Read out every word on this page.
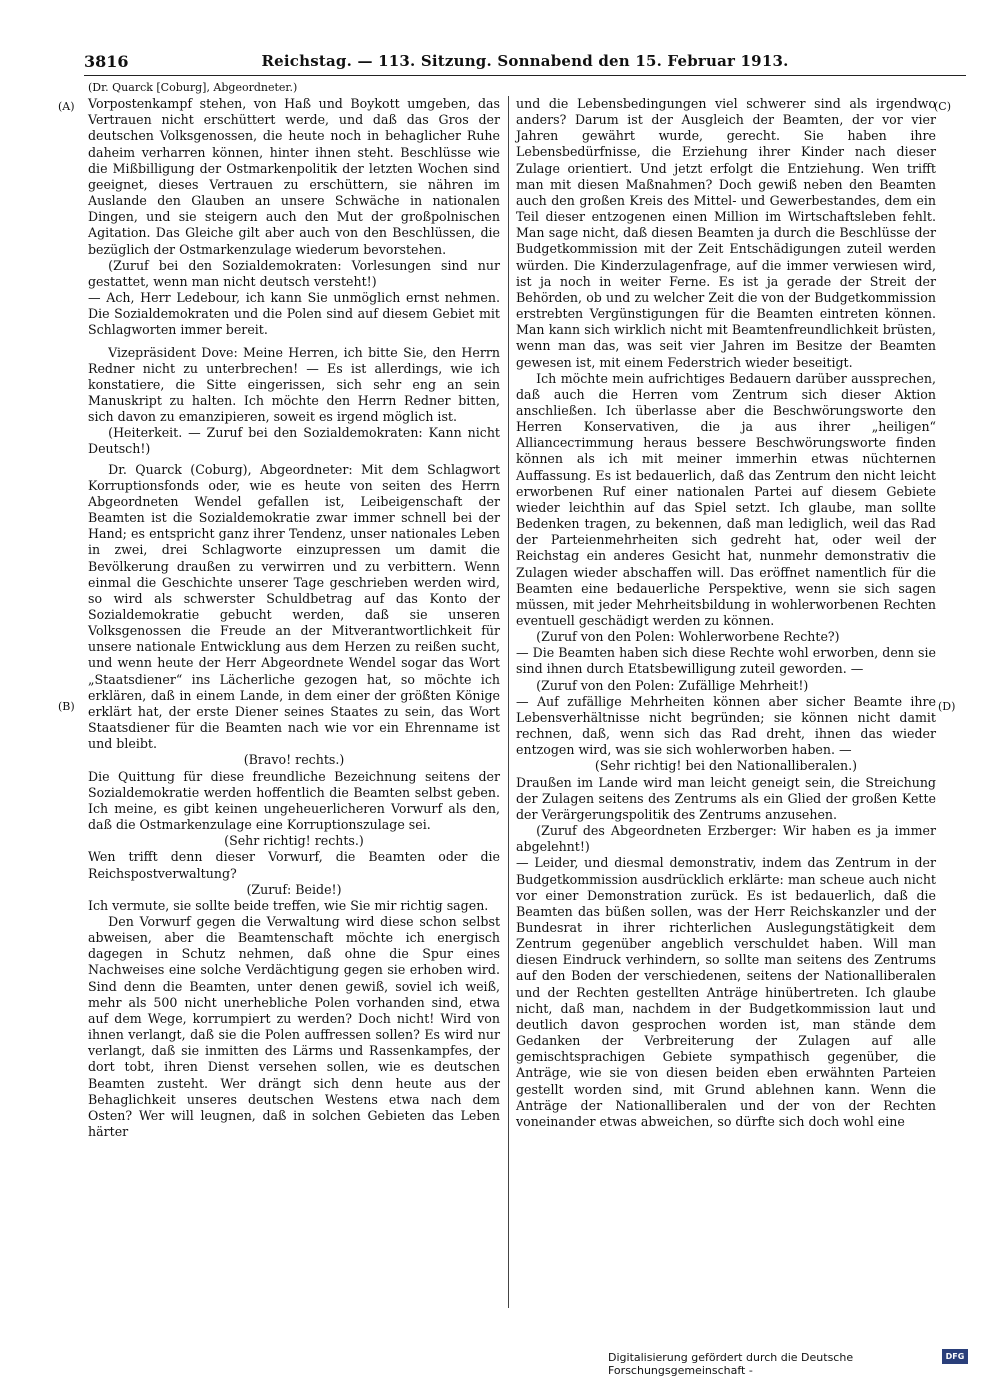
3816	Reichstag. — 113. Sitzung. Sonnabend den 15. Februar 1913.
(A)
(B)
(C)
(D)

(Dr. Quarck [Coburg], Abgeordneter.)

Vorpostenkampf stehen, von Haß und Boykott umgeben, das Vertrauen nicht erschüttert werde, und daß das Gros der deutschen Volksgenossen, die heute noch in behaglicher Ruhe daheim verharren können, hinter ihnen steht. Beschlüsse wie die Mißbilligung der Ostmarkenpolitik der letzten Wochen sind geeignet, dieses Vertrauen zu erschüttern, sie nähren im Auslande den Glauben an unsere Schwäche in nationalen Dingen, und sie steigern auch den Mut der großpolnischen Agitation. Das Gleiche gilt aber auch von den Beschlüssen, die bezüglich der Ostmarkenzulage wiederum bevorstehen.

(Zuruf bei den Sozialdemokraten: Vorlesungen sind nur gestattet, wenn man nicht deutsch versteht!)

— Ach, Herr Ledebour, ich kann Sie unmöglich ernst nehmen. Die Sozialdemokraten und die Polen sind auf diesem Gebiet mit Schlagworten immer bereit.

Vizepräsident Dove: Meine Herren, ich bitte Sie, den Herrn Redner nicht zu unterbrechen! — Es ist allerdings, wie ich konstatiere, die Sitte eingerissen, sich sehr eng an sein Manuskript zu halten. Ich möchte den Herrn Redner bitten, sich davon zu emanzipieren, soweit es irgend möglich ist.

(Heiterkeit. — Zuruf bei den Sozialdemokraten: Kann nicht Deutsch!)

Dr. Quarck (Coburg), Abgeordneter: Mit dem Schlagwort Korruptionsfonds oder, wie es heute von seiten des Herrn Abgeordneten Wendel gefallen ist, Leibeigenschaft der Beamten ist die Sozialdemokratie zwar immer schnell bei der Hand; es entspricht ganz ihrer Tendenz, unser nationales Leben in zwei, drei Schlagworte einzupressen um damit die Bevölkerung draußen zu verwirren und zu verbittern. Wenn einmal die Geschichte unserer Tage geschrieben werden wird, so wird als schwerster Schuldbetrag auf das Konto der Sozialdemokratie gebucht werden, daß sie unseren Volksgenossen die Freude an der Mitverantwortlichkeit für unsere nationale Entwicklung aus dem Herzen zu reißen sucht, und wenn heute der Herr Abgeordnete Wendel sogar das Wort „Staatsdiener“ ins Lächerliche gezogen hat, so möchte ich erklären, daß in einem Lande, in dem einer der größten Könige erklärt hat, der erste Diener seines Staates zu sein, das Wort Staatsdiener für die Beamten nach wie vor ein Ehrenname ist und bleibt.

(Bravo! rechts.)

Die Quittung für diese freundliche Bezeichnung seitens der Sozialdemokratie werden hoffentlich die Beamten selbst geben. Ich meine, es gibt keinen ungeheuerlicheren Vorwurf als den, daß die Ostmarkenzulage eine Korruptionszulage sei.

(Sehr richtig! rechts.)

Wen trifft denn dieser Vorwurf, die Beamten oder die Reichspostverwaltung?

(Zuruf: Beide!)

Ich vermute, sie sollte beide treffen, wie Sie mir richtig sagen.

Den Vorwurf gegen die Verwaltung wird diese schon selbst abweisen, aber die Beamtenschaft möchte ich energisch dagegen in Schutz nehmen, daß ohne die Spur eines Nachweises eine solche Verdächtigung gegen sie erhoben wird. Sind denn die Beamten, unter denen gewiß, soviel ich weiß, mehr als 500 nicht unerhebliche Polen vorhanden sind, etwa auf dem Wege, korrumpiert zu werden? Doch nicht! Wird von ihnen verlangt, daß sie die Polen auffressen sollen? Es wird nur verlangt, daß sie inmitten des Lärms und Rassenkampfes, der dort tobt, ihren Dienst versehen sollen, wie es deutschen Beamten zusteht. Wer drängt sich denn heute aus der Behaglichkeit unseres deutschen Westens etwa nach dem Osten? Wer will leugnen, daß in solchen Gebieten das Leben härter

und die Lebensbedingungen viel schwerer sind als irgendwo anders? Darum ist der Ausgleich der Beamten, der vor vier Jahren gewährt wurde, gerecht. Sie haben ihre Lebensbedürfnisse, die Erziehung ihrer Kinder nach dieser Zulage orientiert. Und jetzt erfolgt die Entziehung. Wen trifft man mit diesen Maßnahmen? Doch gewiß neben den Beamten auch den großen Kreis des Mittel- und Gewerbestandes, dem ein Teil dieser entzogenen einen Million im Wirtschaftsleben fehlt. Man sage nicht, daß diesen Beamten ja durch die Beschlüsse der Budgetkommission mit der Zeit Entschädigungen zuteil werden würden. Die Kinderzulagenfrage, auf die immer verwiesen wird, ist ja noch in weiter Ferne. Es ist ja gerade der Streit der Behörden, ob und zu welcher Zeit die von der Budgetkommission erstrebten Vergünstigungen für die Beamten eintreten können. Man kann sich wirklich nicht mit Beamtenfreundlichkeit brüsten, wenn man das, was seit vier Jahren im Besitze der Beamten gewesen ist, mit einem Federstrich wieder beseitigt.

Ich möchte mein aufrichtiges Bedauern darüber aussprechen, daß auch die Herren vom Zentrum sich dieser Aktion anschließen. Ich überlasse aber die Beschwörungsworte den Herren Konservativen, die ja aus ihrer „heiligen“ Allianceстimmung heraus bessere Beschwörungsworte finden können als ich mit meiner immerhin etwas nüchternen Auffassung. Es ist bedauerlich, daß das Zentrum den nicht leicht erworbenen Ruf einer nationalen Partei auf diesem Gebiete wieder leichthin auf das Spiel setzt. Ich glaube, man sollte Bedenken tragen, zu bekennen, daß man lediglich, weil das Rad der Parteienmehrheiten sich gedreht hat, oder weil der Reichstag ein anderes Gesicht hat, nunmehr demonstrativ die Zulagen wieder abschaffen will. Das eröffnet namentlich für die Beamten eine bedauerliche Perspektive, wenn sie sich sagen müssen, mit jeder Mehrheitsbildung in wohlerworbenen Rechten eventuell geschädigt werden zu können.

(Zuruf von den Polen: Wohlerworbene Rechte?)

— Die Beamten haben sich diese Rechte wohl erworben, denn sie sind ihnen durch Etatsbewilligung zuteil geworden. —

(Zuruf von den Polen: Zufällige Mehrheit!)

— Auf zufällige Mehrheiten können aber sicher Beamte ihre Lebensverhältnisse nicht begründen; sie können nicht damit rechnen, daß, wenn sich das Rad dreht, ihnen das wieder entzogen wird, was sie sich wohlerworben haben. —

(Sehr richtig! bei den Nationalliberalen.)

Draußen im Lande wird man leicht geneigt sein, die Streichung der Zulagen seitens des Zentrums als ein Glied der großen Kette der Verärgerungspolitik des Zentrums anzusehen.

(Zuruf des Abgeordneten Erzberger: Wir haben es ja immer abgelehnt!)

— Leider, und diesmal demonstrativ, indem das Zentrum in der Budgetkommission ausdrücklich erklärte: man scheue auch nicht vor einer Demonstration zurück. Es ist bedauerlich, daß die Beamten das büßen sollen, was der Herr Reichskanzler und der Bundesrat in ihrer richterlichen Auslegungstätigkeit dem Zentrum gegenüber angeblich verschuldet haben. Will man diesen Eindruck verhindern, so sollte man seitens des Zentrums auf den Boden der verschiedenen, seitens der Nationalliberalen und der Rechten gestellten Anträge hinübertreten. Ich glaube nicht, daß man, nachdem in der Budgetkommission laut und deutlich davon gesprochen worden ist, man stände dem Gedanken der Verbreiterung der Zulagen auf alle gemischtsprachigen Gebiete sympathisch gegenüber, die Anträge, wie sie von diesen beiden eben erwähnten Parteien gestellt worden sind, mit Grund ablehnen kann. Wenn die Anträge der Nationalliberalen und der von der Rechten voneinander etwas abweichen, so dürfte sich doch wohl eine

Digitalisierung gefördert durch die Deutsche Forschungsgemeinschaft -
DFG
